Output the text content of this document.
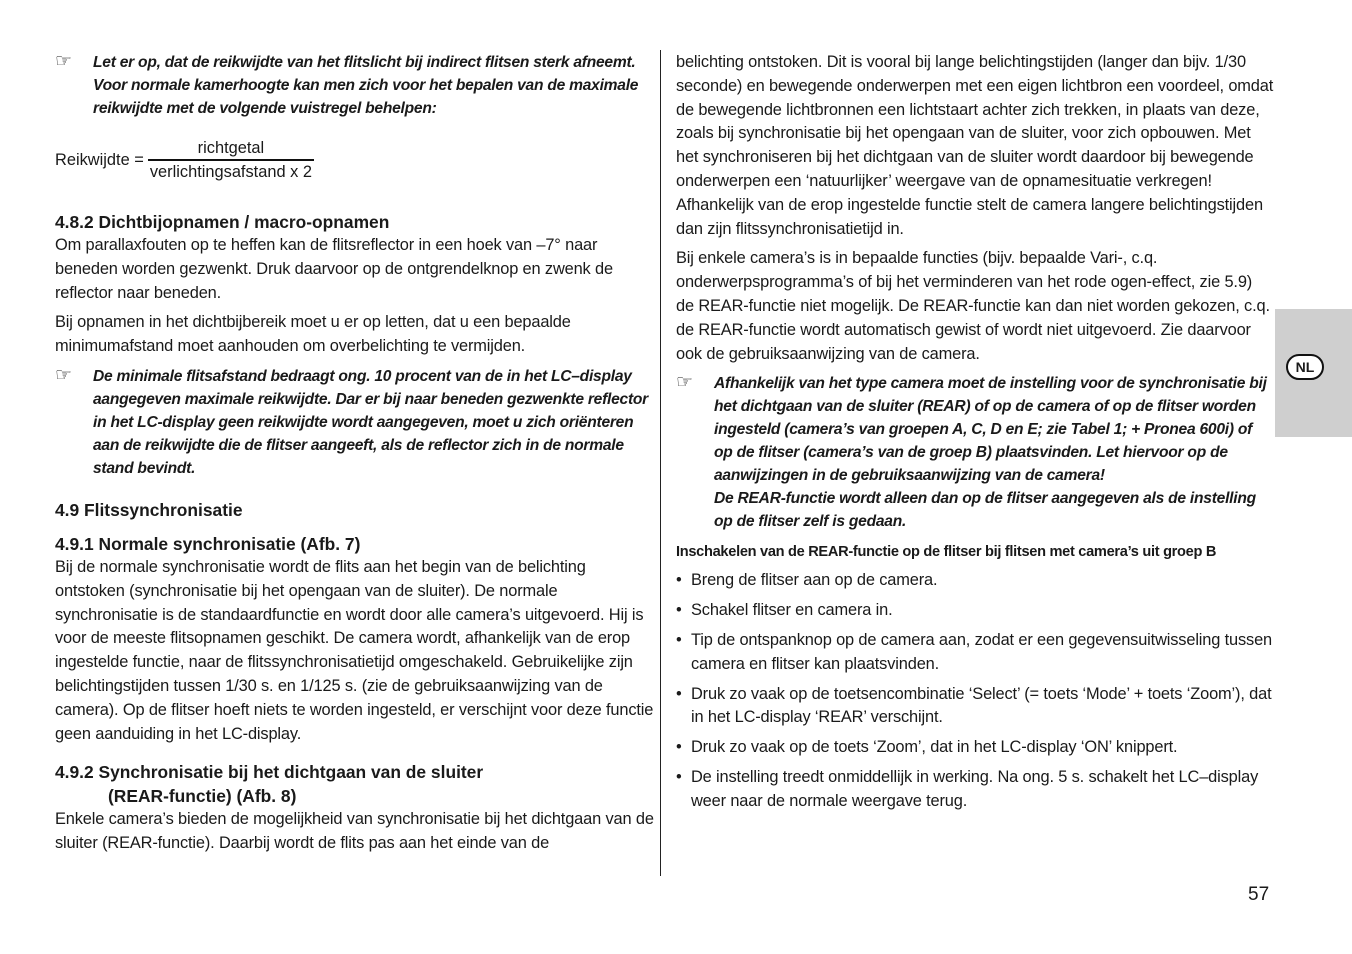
☞ Let er op, dat de reikwijdte van het flitslicht bij indirect flitsen sterk afneemt. Voor normale kamerhoogte kan men zich voor het bepalen van de maximale reikwijdte met de volgende vuistregel behelpen:
Reikwijdte = $\frac{\text{richtgetal}}{\text{verlichtingsafstand x 2}}$
4.8.2 Dichtbijopnamen / macro-opnamen

Om parallaxfouten op te heffen kan de flitsreflector in een hoek van –7° naar beneden worden gezwenkt. Druk daarvoor op de ontgrendelknop en zwenk de reflector naar beneden.

Bij opnamen in het dichtbijbereik moet u er op letten, dat u een bepaalde minimumafstand moet aanhouden om overbelichting te vermijden.

☞ De minimale flitsafstand bedraagt ong. 10 procent van de in het LC–display aangegeven maximale reikwijdte. Dar er bij naar beneden gezwenkte reflector in het LC-display geen reikwijdte wordt aangegeven, moet u zich oriënteren aan de reikwijdte die de flitser aangeeft, als de reflector zich in de normale stand bevindt.
4.9 Flitssynchronisatie
4.9.1 Normale synchronisatie (Afb. 7)

Bij de normale synchronisatie wordt de flits aan het begin van de belichting ontstoken (synchronisatie bij het opengaan van de sluiter). De normale synchronisatie is de standaardfunctie en wordt door alle camera’s uitgevoerd. Hij is voor de meeste flitsopnamen geschikt. De camera wordt, afhankelijk van de erop ingestelde functie, naar de flitssynchronisatietijd omgeschakeld. Gebruikelijke zijn belichtingstijden tussen 1/30 s. en 1/125 s. (zie de gebruiksaanwijzing van de camera). Op de flitser hoeft niets te worden ingesteld, er verschijnt voor deze functie geen aanduiding in het LC-display.

4.9.2 Synchronisatie bij het dichtgaan van de sluiter
(REAR-functie) (Afb. 8)

Enkele camera’s bieden de mogelijkheid van synchronisatie bij het dichtgaan van de sluiter (REAR-functie). Daarbij wordt de flits pas aan het einde van de

belichting ontstoken. Dit is vooral bij lange belichtingstijden (langer dan bijv. 1/30 seconde) en bewegende onderwerpen met een eigen lichtbron een voordeel, omdat de bewegende lichtbronnen een lichtstaart achter zich trekken, in plaats van deze, zoals bij synchronisatie bij het opengaan van de sluiter, voor zich opbouwen. Met het synchroniseren bij het dichtgaan van de sluiter wordt daardoor bij bewegende onderwerpen een ‘natuurlijker’ weergave van de opnamesituatie verkregen! Afhankelijk van de erop ingestelde functie stelt de camera langere belichtingstijden dan zijn flitssynchronisatietijd in.

Bij enkele camera’s is in bepaalde functies (bijv. bepaalde Vari-, c.q. onderwerpsprogramma’s of bij het verminderen van het rode ogen-effect, zie 5.9) de REAR-functie niet mogelijk. De REAR-functie kan dan niet worden gekozen, c.q. de REAR-functie wordt automatisch gewist of wordt niet uitgevoerd. Zie daarvoor ook de gebruiksaanwijzing van de camera.

☞ Afhankelijk van het type camera moet de instelling voor de synchronisatie bij het dichtgaan van de sluiter (REAR) of op de camera of op de flitser worden ingesteld (camera’s van groepen A, C, D en E; zie Tabel 1; + Pronea 600i) of op de flitser (camera’s van de groep B) plaatsvinden. Let hiervoor op de aanwijzingen in de gebruiksaanwijzing van de camera!
De REAR-functie wordt alleen dan op de flitser aangegeven als de instelling op de flitser zelf is gedaan.

Inschakelen van de REAR-functie op de flitser bij flitsen met camera’s uit groep B

• Breng de flitser aan op de camera.
• Schakel flitser en camera in.
• Tip de ontspanknop op de camera aan, zodat er een gegevensuitwisseling tussen camera en flitser kan plaatsvinden.
• Druk zo vaak op de toetsencombinatie ‘Select’ (= toets ‘Mode’ + toets ‘Zoom’), dat in het LC-display ‘REAR’ verschijnt.
• Druk zo vaak op de toets ‘Zoom’, dat in het LC-display ‘ON’ knippert.
• De instelling treedt onmiddellijk in werking. Na ong. 5 s. schakelt het LC–display weer naar de normale weergave terug.
NL
57
